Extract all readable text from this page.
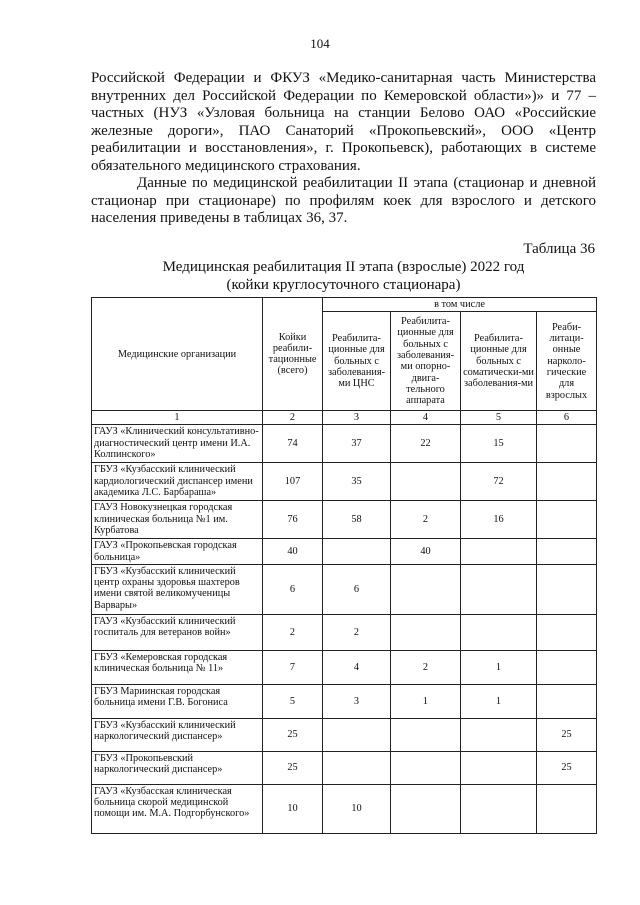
104

Российской Федерации и ФКУЗ «Медико-санитарная часть Министерства внутренних дел Российской Федерации по Кемеровской области»)» и 77 – частных (НУЗ «Узловая больница на станции Белово ОАО «Российские железные дороги», ПАО Санаторий «Прокопьевский», ООО «Центр реабилитации и восстановления», г. Прокопьевск), работающих в системе обязательного медицинского страхования.

Данные по медицинской реабилитации II этапа (стационар и дневной стационар при стационаре) по профилям коек для взрослого и детского населения приведены в таблицах 36, 37.

Таблица 36
Медицинская реабилитация II этапа (взрослые) 2022 год
(койки круглосуточного стационара)
Медицинские организации	Койки реабили-тационные (всего)	в том числе			
		Реабилита-ционные для больных с заболевания-ми ЦНС	Реабилита-ционные для больных с заболевания-ми опорно-двига-тельного аппарата	Реабилита-ционные для больных с соматически-ми заболевания-ми	Реаби-литаци-онные нарколо-гические для взрослых
1	2	3	4	5	6
ГАУЗ «Клинический консультативно-диагностический центр имени И.А. Колпинского»	74	37	22	15	
ГБУЗ «Кузбасский клинический кардиологический диспансер имени академика Л.С. Барбараша»	107	35		72	
ГАУЗ Новокузнецкая городская клиническая больница №1 им. Курбатова	76	58	2	16	
ГАУЗ «Прокопьевская городская больница»	40		40		
ГБУЗ «Кузбасский клинический центр охраны здоровья шахтеров имени святой великомученицы Варвары»	6	6			
ГАУЗ «Кузбасский клинический госпиталь для ветеранов войн»	2	2			
ГБУЗ «Кемеровская городская клиническая больница № 11»	7	4	2	1	
ГБУЗ Мариинская городская больница имени Г.В. Богониса	5	3	1	1	
ГБУЗ «Кузбасский клинический наркологический диспансер»	25				25
ГБУЗ «Прокопьевский наркологический диспансер»	25				25
ГАУЗ «Кузбасская клиническая больница скорой медицинской помощи им. М.А. Подгорбунского»	10	10			
